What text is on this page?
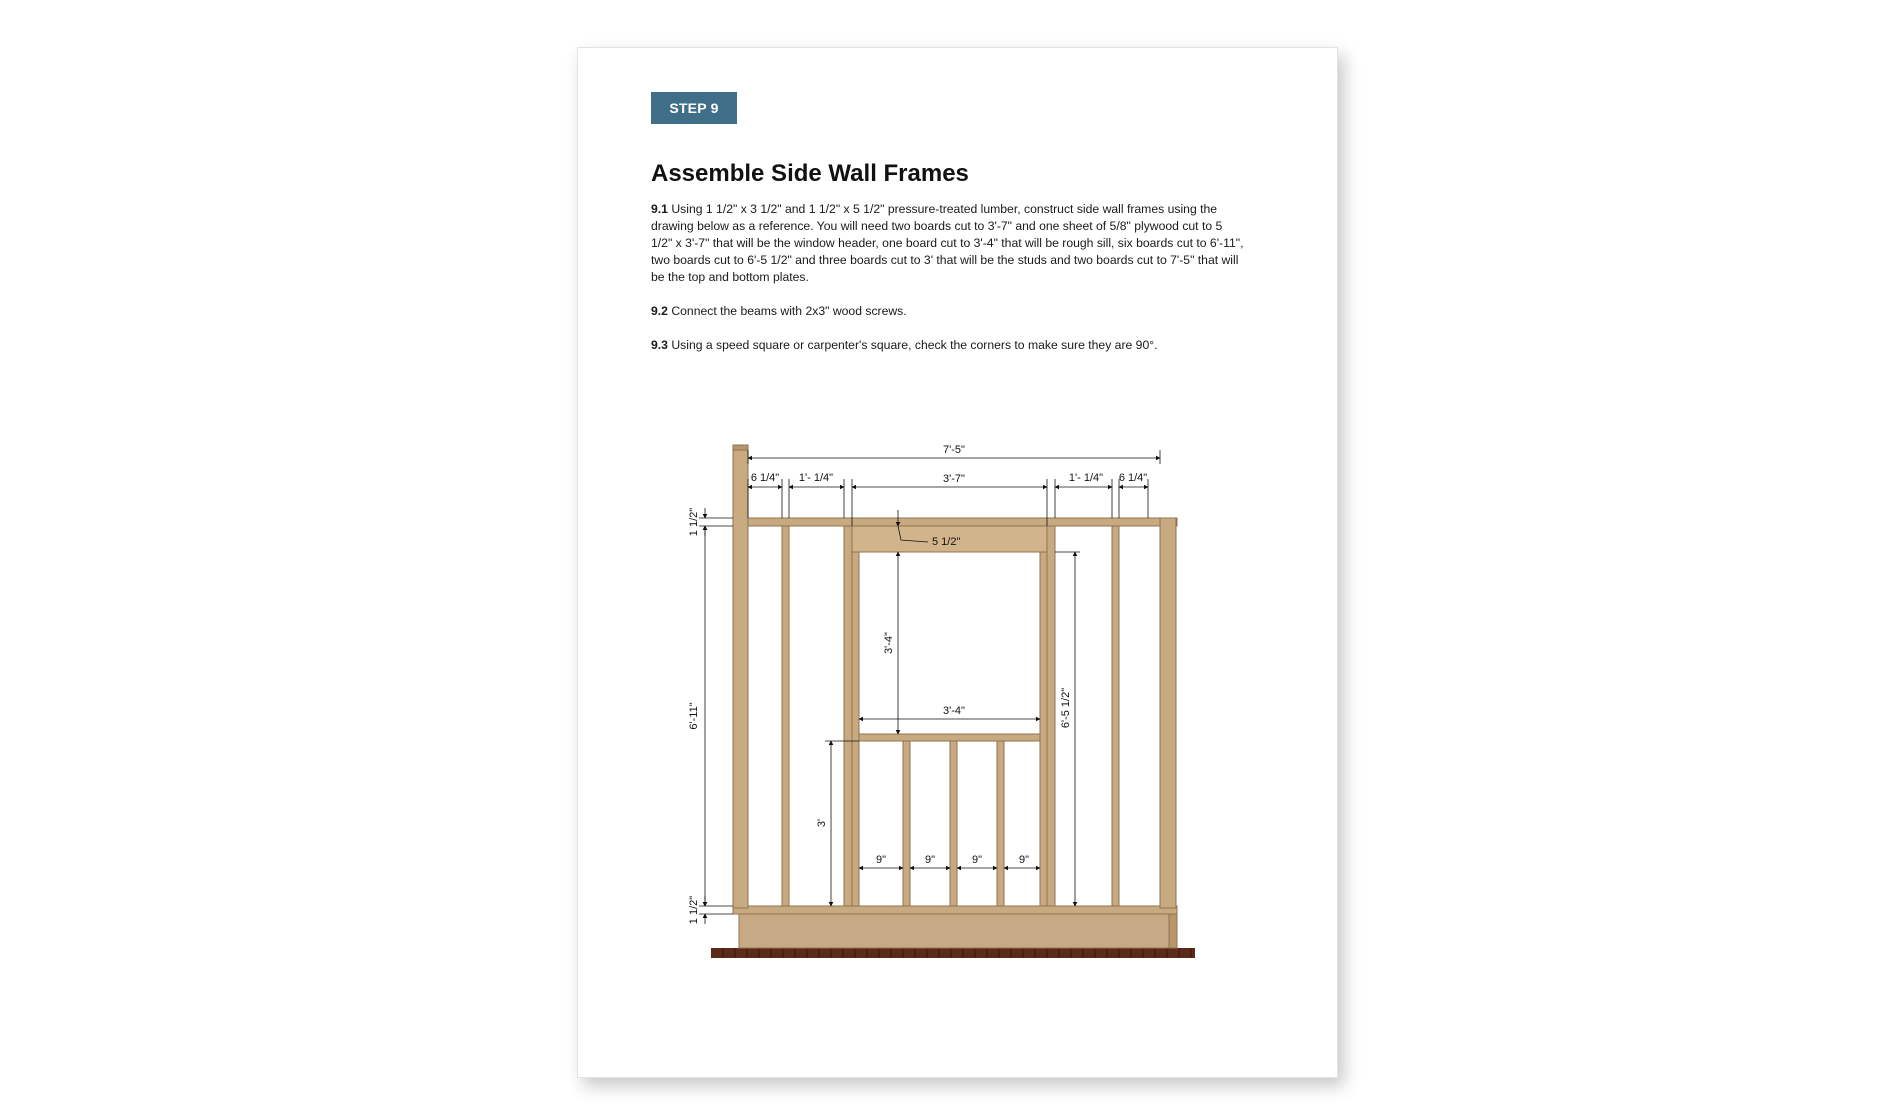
STEP 9
Assemble Side Wall Frames

9.1 Using 1 1/2" x 3 1/2" and 1 1/2" x 5 1/2" pressure-treated lumber, construct side wall frames using the drawing below as a reference. You will need two boards cut to 3'-7" and one sheet of 5/8" plywood cut to 5 1/2" x 3'-7" that will be the window header, one board cut to 3'-4" that will be rough sill, six boards cut to 6'-11", two boards cut to 6'-5 1/2" and three boards cut to 3' that will be the studs and two boards cut to 7'-5" that will be the top and bottom plates.

9.2 Connect the beams with 2x3" wood screws.

9.3 Using a speed square or carpenter's square, check the corners to make sure they are 90°.

7'-5"
6 1/4" 1'- 1/4"	3'-7"	1'- 1/4" 6 1/4"
5 1/2"
3'-4"
9"	9"	9"	9"
1 1/2"
6'-11"
1 1/2"
3'-4"
6'-5 1/2"
3'
